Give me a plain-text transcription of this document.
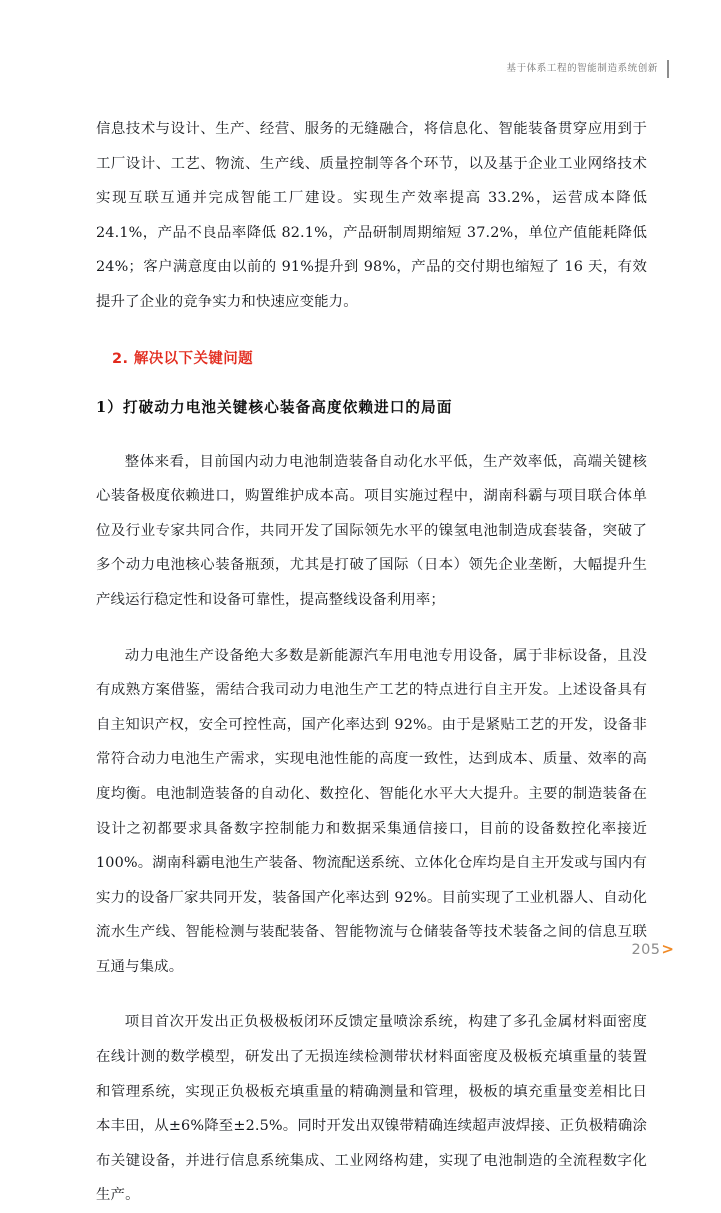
基于体系工程的智能制造系统创新

信息技术与设计、生产、经营、服务的无缝融合，将信息化、智能装备贯穿应用到于工厂设计、工艺、物流、生产线、质量控制等各个环节，以及基于企业工业网络技术实现互联互通并完成智能工厂建设。实现生产效率提高 33.2%，运营成本降低 24.1%，产品不良品率降低 82.1%，产品研制周期缩短 37.2%，单位产值能耗降低 24%；客户满意度由以前的 91%提升到 98%，产品的交付期也缩短了 16 天，有效提升了企业的竞争实力和快速应变能力。

2. 解决以下关键问题
1）打破动力电池关键核心装备高度依赖进口的局面

整体来看，目前国内动力电池制造装备自动化水平低，生产效率低，高端关键核心装备极度依赖进口，购置维护成本高。项目实施过程中，湖南科霸与项目联合体单位及行业专家共同合作，共同开发了国际领先水平的镍氢电池制造成套装备，突破了多个动力电池核心装备瓶颈，尤其是打破了国际（日本）领先企业垄断，大幅提升生产线运行稳定性和设备可靠性，提高整线设备利用率；

动力电池生产设备绝大多数是新能源汽车用电池专用设备，属于非标设备，且没有成熟方案借鉴，需结合我司动力电池生产工艺的特点进行自主开发。上述设备具有自主知识产权，安全可控性高，国产化率达到 92%。由于是紧贴工艺的开发，设备非常符合动力电池生产需求，实现电池性能的高度一致性，达到成本、质量、效率的高度均衡。电池制造装备的自动化、数控化、智能化水平大大提升。主要的制造装备在设计之初都要求具备数字控制能力和数据采集通信接口，目前的设备数控化率接近 100%。湖南科霸电池生产装备、物流配送系统、立体化仓库均是自主开发或与国内有实力的设备厂家共同开发，装备国产化率达到 92%。目前实现了工业机器人、自动化流水生产线、智能检测与装配装备、智能物流与仓储装备等技术装备之间的信息互联互通与集成。

项目首次开发出正负极极板闭环反馈定量喷涂系统，构建了多孔金属材料面密度在线计测的数学模型，研发出了无损连续检测带状材料面密度及极板充填重量的装置和管理系统，实现正负极板充填重量的精确测量和管理，极板的填充重量变差相比日本丰田，从±6%降至±2.5%。同时开发出双镍带精确连续超声波焊接、正负极精确涂布关键设备，并进行信息系统集成、工业网络构建，实现了电池制造的全流程数字化生产。

205 >
